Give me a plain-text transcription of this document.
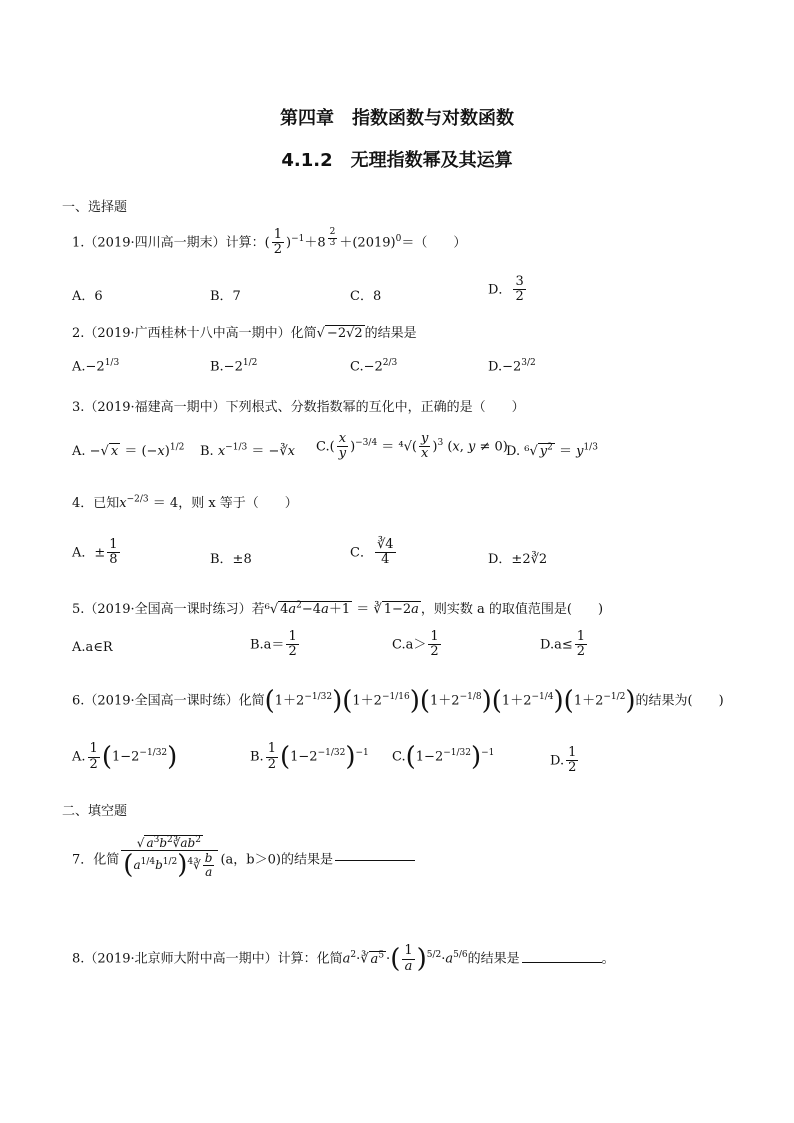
第四章　指数函数与对数函数
4.1.2　无理指数幂及其运算
一、选择题
1.（2019·四川高一期末）计算：( $\frac{1}{2} )^{-1}+8$ $^{\frac{2}{3}} +(2019)^0=$（　　）
A．6	B．7	C．8	D． $\frac{3}{2}$
2.（2019·广西桂林十八中高一期中）化简√ −2√2 的结果是
$A.-2^{1/3}$	$B.-2^{1/2}$	$C.-2^{2/3}$	$D.-2^{3/2}$
3.（2019·福建高一期中）下列根式、分数指数幂的互化中，正确的是（　　）
A. −√ $x = (-x)^{1/2}$ B. $x^{-1/3}$ ＝ −∛x $C.( \frac{x}{y} )^{-3/4} = ^4√( \frac{y}{x} )^3$ (x, y ≠ 0)
D. ⁶√ $y^2 = y^{1/3}$
4．已知$x^{-2/3} = 4$，则 x 等于（　　）
A．± $\frac{1}{8}$	B．±8	C． $\frac{∛4}{4}$	D．±2∛2
5.（2019·全国高一课时练习）若⁶√ $4a^2-4a+1$ ＝ ∛ 1−2a ，则实数 a 的取值范围是(　　)
A.a∈R	$B.a= \frac{1}{2}$	$C.a> \frac{1}{2}$	$D.a\le \frac{1}{2}$
6.（2019·全国高一课时练）化简$(1+2^{-1/32})(1+2^{-1/16})(1+2^{-1/8})(1+2^{-1/4})(1+2^{-1/2})$的结果为(　　)
A. $\frac{1}{2} (1-2^{-1/32})$	B. $\frac{1}{2} (1-2^{-1/32})^{-1}$ $C.(1-2^{-1/32})^{-1}$
D. $\frac{1}{2}$
二、填空题
7．化简 $\frac{√ a^3b^2∛ab^2}{(a^{1/4}b^{1/2})^4∛ \frac{b}{a}} (a$，b＞0)的结果是
8.（2019·北京师大附中高一期中）计算：化简$a^2\cdot∛$ $a^5$ ·( $\frac{1}{a} )^{5/2}\cdot a^{5/6}$的结果是	。
